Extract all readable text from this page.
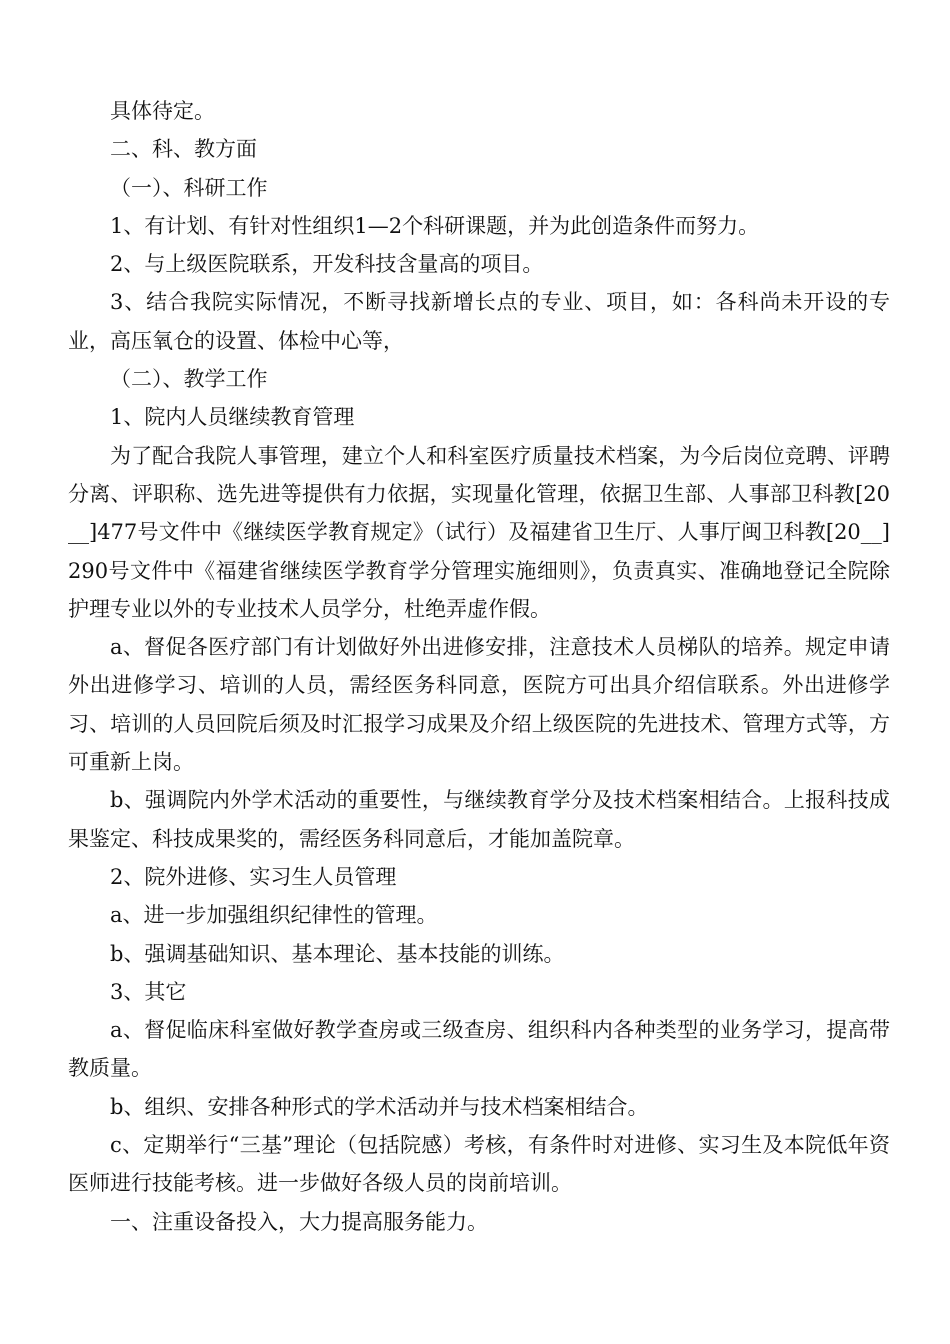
具体待定。

二、科、教方面

（一）、科研工作

1、有计划、有针对性组织1—2个科研课题，并为此创造条件而努力。

2、与上级医院联系，开发科技含量高的项目。

3、结合我院实际情况，不断寻找新增长点的专业、项目，如：各科尚未开设的专业，高压氧仓的设置、体检中心等，

（二）、教学工作

1、院内人员继续教育管理

为了配合我院人事管理，建立个人和科室医疗质量技术档案，为今后岗位竞聘、评聘分离、评职称、选先进等提供有力依据，实现量化管理，依据卫生部、人事部卫科教[20__]477号文件中《继续医学教育规定》（试行）及福建省卫生厅、人事厅闽卫科教[20__]290号文件中《福建省继续医学教育学分管理实施细则》，负责真实、准确地登记全院除护理专业以外的专业技术人员学分，杜绝弄虚作假。

a、督促各医疗部门有计划做好外出进修安排，注意技术人员梯队的培养。规定申请外出进修学习、培训的人员，需经医务科同意，医院方可出具介绍信联系。外出进修学习、培训的人员回院后须及时汇报学习成果及介绍上级医院的先进技术、管理方式等，方可重新上岗。

b、强调院内外学术活动的重要性，与继续教育学分及技术档案相结合。上报科技成果鉴定、科技成果奖的，需经医务科同意后，才能加盖院章。

2、院外进修、实习生人员管理

a、进一步加强组织纪律性的管理。

b、强调基础知识、基本理论、基本技能的训练。

3、其它

a、督促临床科室做好教学查房或三级查房、组织科内各种类型的业务学习，提高带教质量。

b、组织、安排各种形式的学术活动并与技术档案相结合。

c、定期举行“三基”理论（包括院感）考核，有条件时对进修、实习生及本院低年资医师进行技能考核。进一步做好各级人员的岗前培训。

一、注重设备投入，大力提高服务能力。
